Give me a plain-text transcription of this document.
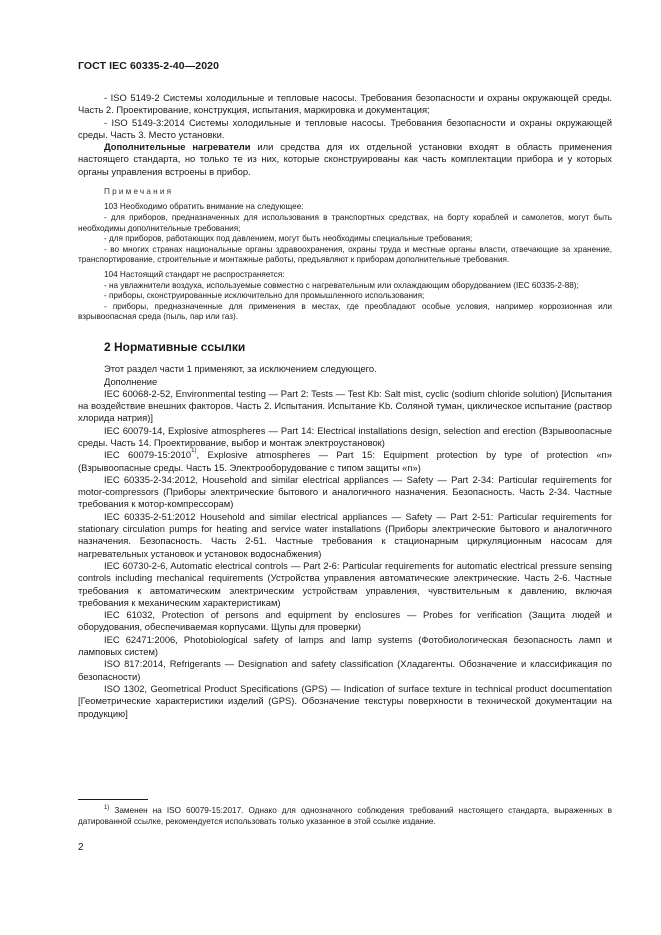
ГОСТ IEC 60335-2-40—2020

- ISO 5149-2 Системы холодильные и тепловые насосы. Требования безопасности и охраны окружающей среды. Часть 2. Проектирование, конструкция, испытания, маркировка и документация;

- ISO 5149-3:2014 Системы холодильные и тепловые насосы. Требования безопасности и охраны окружающей среды. Часть 3. Место установки.

Дополнительные нагреватели или средства для их отдельной установки входят в область применения настоящего стандарта, но только те из них, которые сконструированы как часть комплектации прибора и у которых органы управления встроены в прибор.

Примечания

103 Необходимо обратить внимание на следующее:

- для приборов, предназначенных для использования в транспортных средствах, на борту кораблей и самолетов, могут быть необходимы дополнительные требования;

- для приборов, работающих под давлением, могут быть необходимы специальные требования;

- во многих странах национальные органы здравоохранения, охраны труда и местные органы власти, отвечающие за хранение, транспортирование, строительные и монтажные работы, предъявляют к приборам дополнительные требования.

104 Настоящий стандарт не распространяется:

- на увлажнители воздуха, используемые совместно с нагревательным или охлаждающим оборудованием (IEC 60335-2-88);

- приборы, сконструированные исключительно для промышленного использования;

- приборы, предназначенные для применения в местах, где преобладают особые условия, например коррозионная или взрывоопасная среда (пыль, пар или газ).

2 Нормативные ссылки

Этот раздел части 1 применяют, за исключением следующего.

Дополнение

IEC 60068-2-52, Environmental testing — Part 2: Tests — Test Kb: Salt mist, cyclic (sodium chloride solution) [Испытания на воздействие внешних факторов. Часть 2. Испытания. Испытание Kb. Соляной туман, циклическое испытание (раствор хлорида натрия)]

IEC 60079-14, Explosive atmospheres — Part 14: Electrical installations design, selection and erection (Взрывоопасные среды. Часть 14. Проектирование, выбор и монтаж электроустановок)

IEC 60079-15:2010$^{1)}$, Explosive atmospheres — Part 15: Equipment protection by type of protection «n» (Взрывоопасные среды. Часть 15. Электрооборудование с типом защиты «n»)

IEC 60335-2-34:2012, Household and similar electrical appliances — Safety — Part 2-34: Particular requirements for motor-compressors (Приборы электрические бытового и аналогичного назначения. Безопасность. Часть 2-34. Частные требования к мотор-компрессорам)

IEC 60335-2-51:2012 Household and similar electrical appliances — Safety — Part 2-51: Particular requirements for stationary circulation pumps for heating and service water installations (Приборы электрические бытового и аналогичного назначения. Безопасность. Часть 2-51. Частные требования к стационарным циркуляционным насосам для нагревательных установок и установок водоснабжения)

IEC 60730-2-6, Automatic electrical controls — Part 2-6: Particular requirements for automatic electrical pressure sensing controls including mechanical requirements (Устройства управления автоматические электрические. Часть 2-6. Частные требования к автоматическим электрическим устройствам управления, чувствительным к давлению, включая требования к механическим характеристикам)

IEC 61032, Protection of persons and equipment by enclosures — Probes for verification (Защита людей и оборудования, обеспечиваемая корпусами. Щупы для проверки)

IEC 62471:2006, Photobiological safety of lamps and lamp systems (Фотобиологическая безопасность ламп и ламповых систем)

ISO 817:2014, Refrigerants — Designation and safety classification (Хладагенты. Обозначение и классификация по безопасности)

ISO 1302, Geometrical Product Specifications (GPS) — Indication of surface texture in technical product documentation [Геометрические характеристики изделий (GPS). Обозначение текстуры поверхности в технической документации на продукцию]

$^{1)}$ Заменен на ISO 60079-15:2017. Однако для однозначного соблюдения требований настоящего стандарта, выраженных в датированной ссылке, рекомендуется использовать только указанное в этой ссылке издание.

2
